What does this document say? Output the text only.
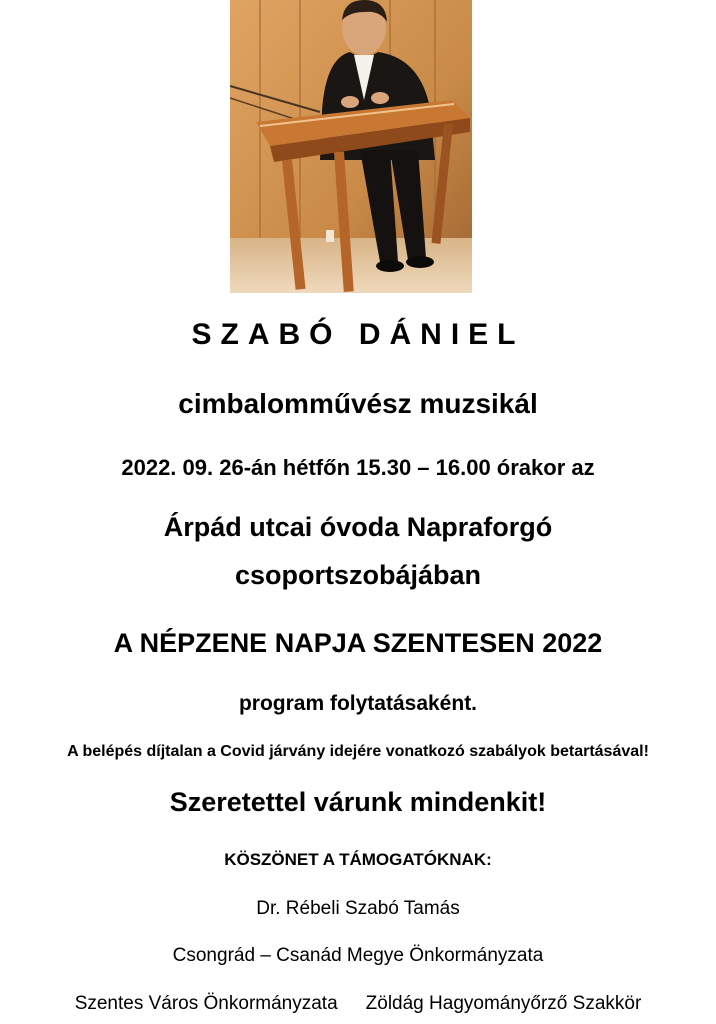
SZABÓ DÁNIEL
cimbalomművész muzsikál
2022. 09. 26-án hétfőn 15.30 – 16.00 órakor az
Árpád utcai óvoda Napraforgó
csoportszobájában
A NÉPZENE NAPJA SZENTESEN 2022
program folytatásaként.
A belépés díjtalan a Covid járvány idejére vonatkozó szabályok betartásával!
Szeretettel várunk mindenkit!
KÖSZÖNET A TÁMOGATÓKNAK:
Dr. Rébeli Szabó Tamás
Csongrád – Csanád Megye Önkormányzata
Szentes Város Önkormányzata Zöldág Hagyományőrző Szakkör
